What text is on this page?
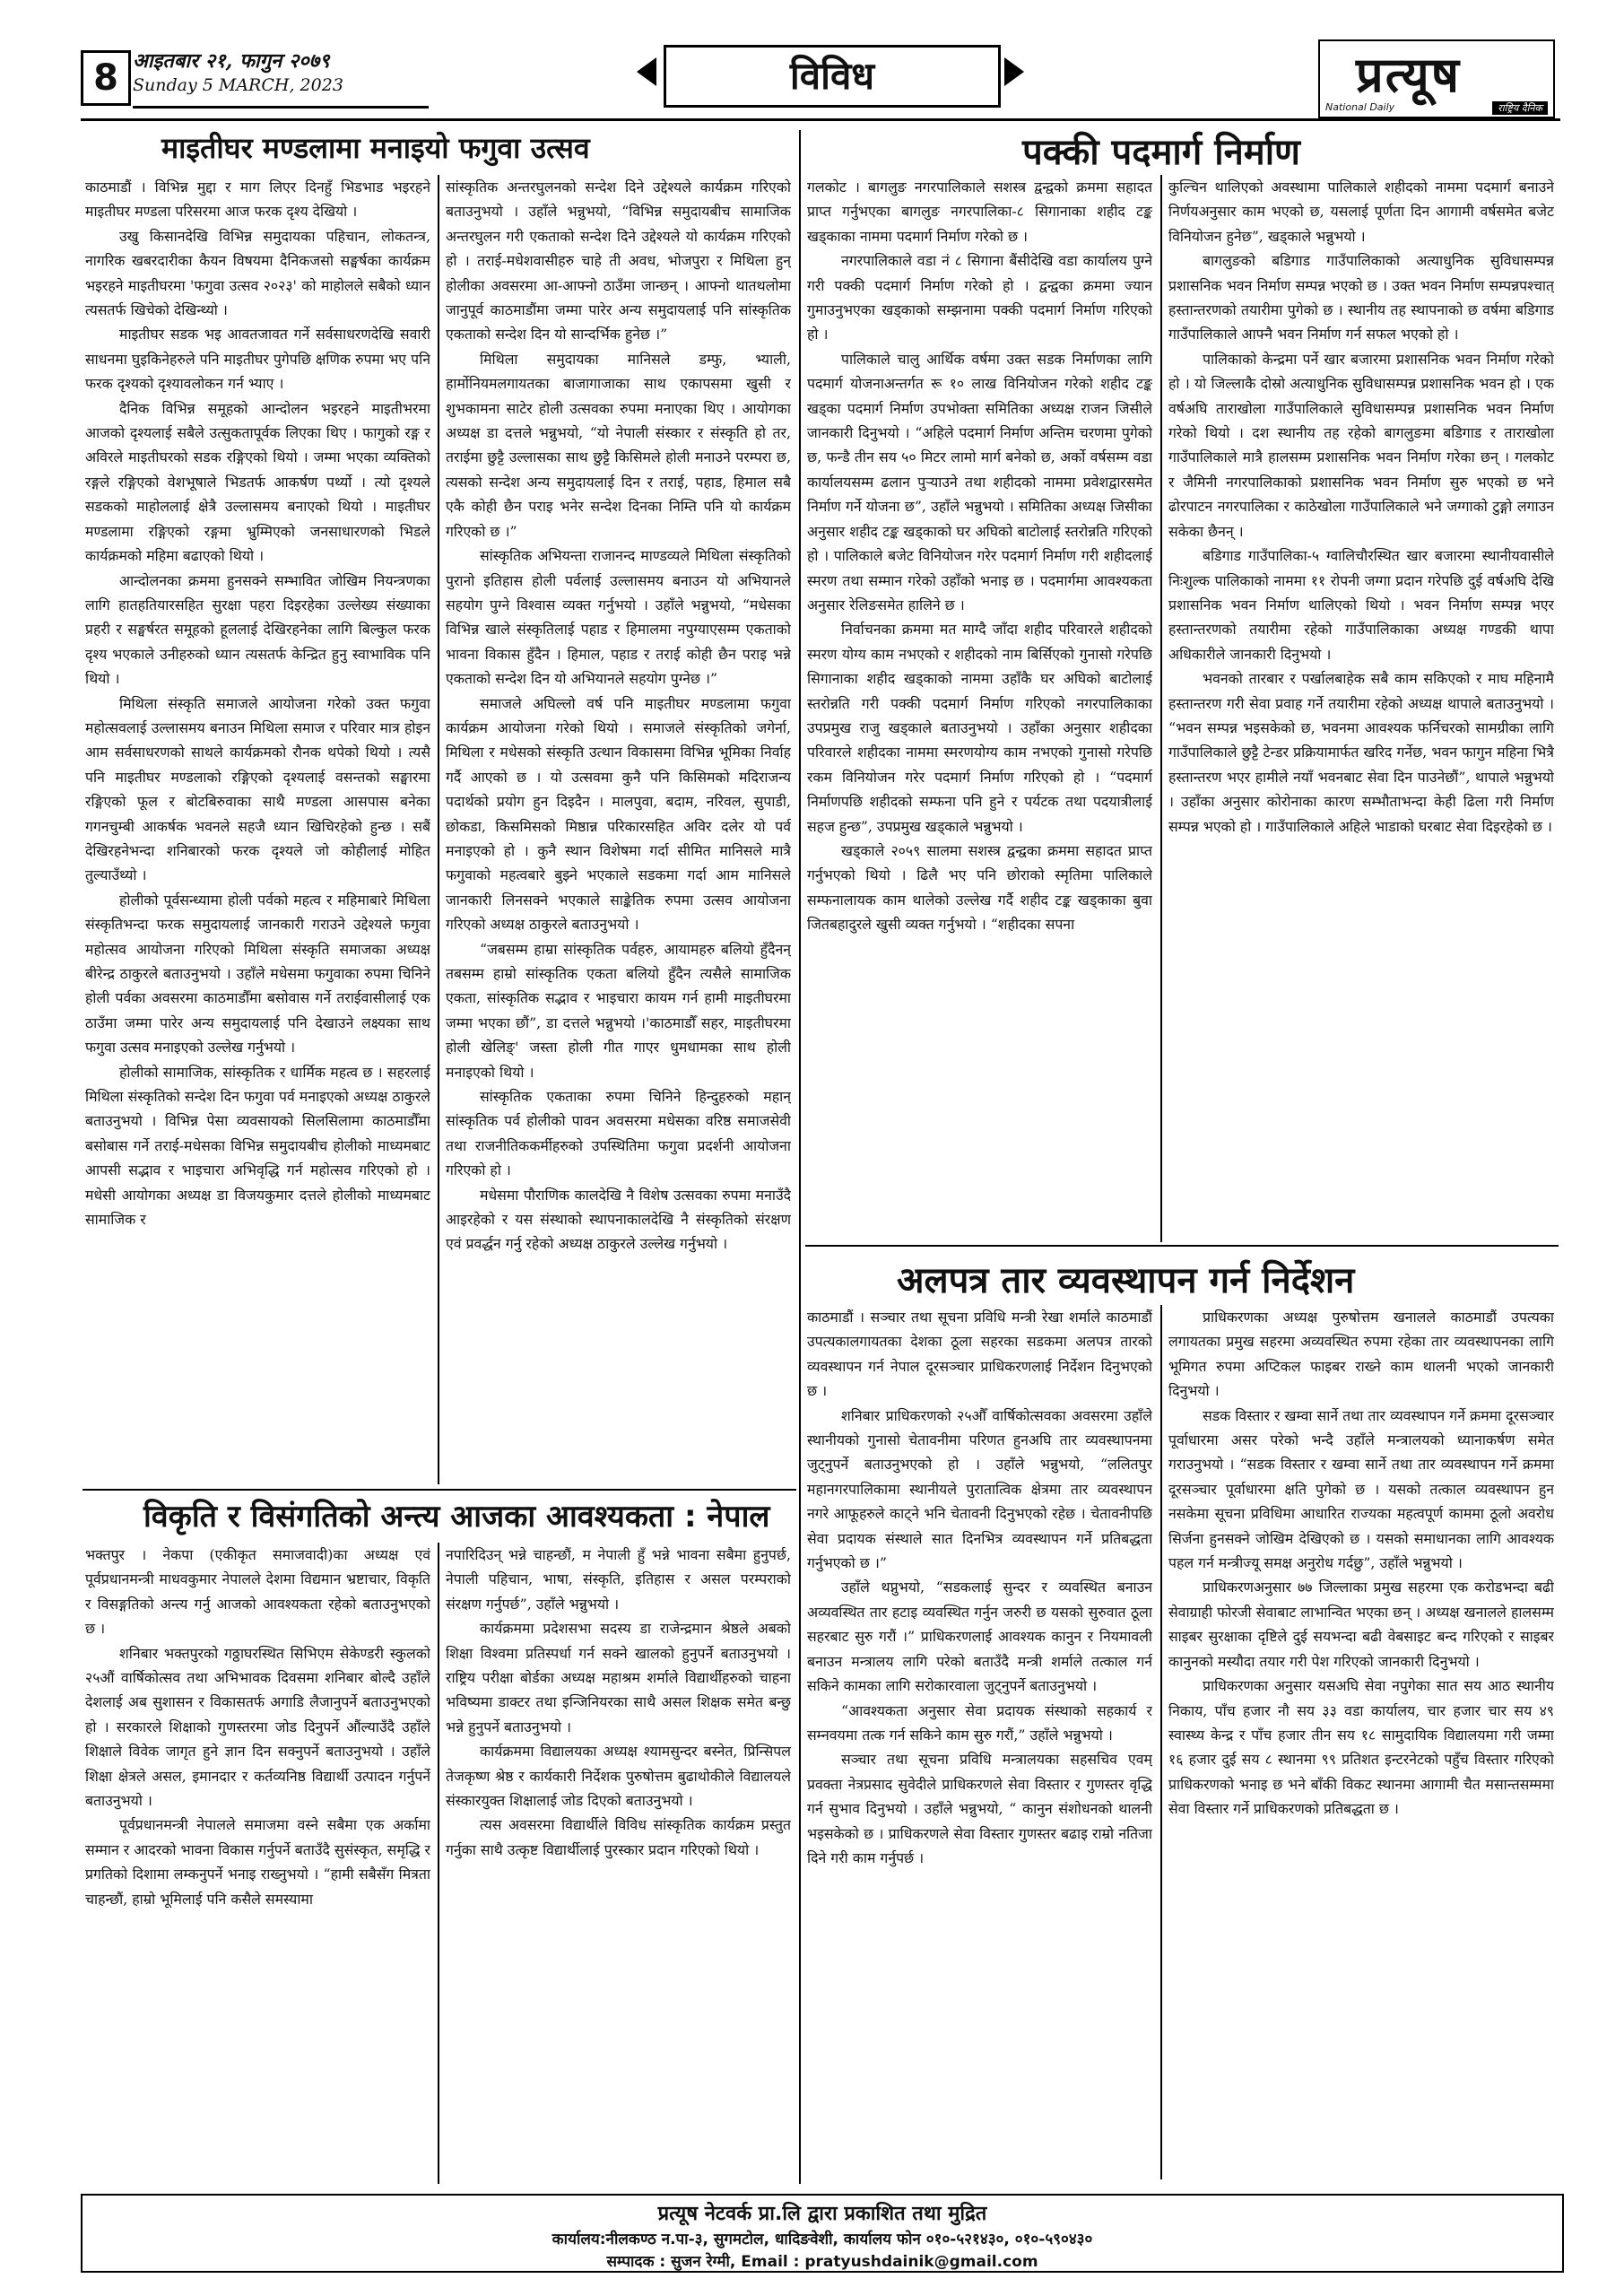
8 आइतबार २१, फागुन २०७९
Sunday 5 MARCH, 2023	विविध	प्रत्यूष
National Daily	राष्ट्रिय दैनिक
माइतीघर मण्डलामा मनाइयो फगुवा उत्सव

काठमाडौं । विभिन्न मुद्दा र माग लिएर दिनहुँ भिडभाड भइरहने माइतीघर मण्डला परिसरमा आज फरक दृश्य देखियो ।

उखु किसानदेखि विभिन्न समुदायका पहिचान, लोकतन्त्र, नागरिक खबरदारीका कैयन विषयमा दैनिकजसो सङ्घर्षका कार्यक्रम भइरहने माइतीघरमा 'फगुवा उत्सव २०२३' को माहोलले सबैको ध्यान त्यसतर्फ खिचेको देखिन्थ्यो ।

माइतीघर सडक भइ आवतजावत गर्ने सर्वसाधरणदेखि सवारी साधनमा घुइकिनेहरुले पनि माइतीघर पुगेपछि क्षणिक रुपमा भए पनि फरक दृश्यको दृश्यावलोकन गर्न भ्याए ।

दैनिक विभिन्न समूहको आन्दोलन भइरहने माइतीभरमा आजको दृश्यलाई सबैले उत्सुकतापूर्वक लिएका थिए । फागुको रङ्ग र अविरले माइतीघरको सडक रङ्गिएको थियो । जम्मा भएका व्यक्तिको रङ्गले रङ्गिएको वेशभूषाले भिडतर्फ आकर्षण पर्थ्यो । त्यो दृश्यले सडकको माहोललाई क्षेत्रै उल्लासमय बनाएको थियो । माइतीघर मण्डलामा रङ्गिएको रङ्गमा भ्रुम्मिएको जनसाधारणको भिडले कार्यक्रमको महिमा बढाएको थियो ।

आन्दोलनका क्रममा हुनसक्ने सम्भावित जोखिम नियन्त्रणका लागि हातहतियारसहित सुरक्षा पहरा दिइरहेका उल्लेख्य संख्याका प्रहरी र सङ्घर्षरत समूहको हूललाई देखिरहनेका लागि बिल्कुल फरक दृश्य भएकाले उनीहरुको ध्यान त्यसतर्फ केन्द्रित हुनु स्वाभाविक पनि थियो ।

मिथिला संस्कृति समाजले आयोजना गरेको उक्त फगुवा महोत्सवलाई उल्लासमय बनाउन मिथिला समाज र परिवार मात्र होइन आम सर्वसाधरणको साथले कार्यक्रमको रौनक थपेको थियो । त्यसै पनि माइतीघर मण्डलाको रङ्गिएको दृश्यलाई वसन्तको सङ्घारमा रङ्गिएको फूल र बोटबिरुवाका साथै मण्डला आसपास बनेका गगनचुम्बी आकर्षक भवनले सहजै ध्यान खिचिरहेको हुन्छ । सबैं देखिरहनेभन्दा शनिबारको फरक दृश्यले जो कोहीलाई मोहित तुल्याउँथ्यो ।

होलीको पूर्वसन्ध्यामा होली पर्वको महत्व र महिमाबारे मिथिला संस्कृतिभन्दा फरक समुदायलाई जानकारी गराउने उद्देश्यले फगुवा महोत्सव आयोजना गरिएको मिथिला संस्कृति समाजका अध्यक्ष बीरेन्द्र ठाकुरले बताउनुभयो । उहाँले मधेसमा फगुवाका रुपमा चिनिने होली पर्वका अवसरमा काठमाडौँमा बसोवास गर्ने तराईवासीलाई एक ठाउँमा जम्मा पारेर अन्य समुदायलाई पनि देखाउने लक्ष्यका साथ फगुवा उत्सव मनाइएको उल्लेख गर्नुभयो ।

होलीको सामाजिक, सांस्कृतिक र धार्मिक महत्व छ । सहरलाई मिथिला संस्कृतिको सन्देश दिन फगुवा पर्व मनाइएको अध्यक्ष ठाकुरले बताउनुभयो । विभिन्न पेसा व्यवसायको सिलसिलामा काठमाडौँमा बसोबास गर्ने तराई-मधेसका विभिन्न समुदायबीच होलीको माध्यमबाट आपसी सद्भाव र भाइचारा अभिवृद्धि गर्न महोत्सव गरिएको हो । मधेसी आयोगका अध्यक्ष डा विजयकुमार दत्तले होलीको माध्यमबाट सामाजिक र

सांस्कृतिक अन्तरघुलनको सन्देश दिने उद्देश्यले कार्यक्रम गरिएको बताउनुभयो । उहाँले भन्नुभयो, “विभिन्न समुदायबीच सामाजिक अन्तरघुलन गरी एकताको सन्देश दिने उद्देश्यले यो कार्यक्रम गरिएको हो । तराई-मधेशवासीहरु चाहे ती अवध, भोजपुरा र मिथिला हुन् होलीका अवसरमा आ-आफ्नो ठाउँमा जान्छन् । आफ्नो थातथलोमा जानुपूर्व काठमाडौंमा जम्मा पारेर अन्य समुदायलाई पनि सांस्कृतिक एकताको सन्देश दिन यो सान्दर्भिक हुनेछ ।”

मिथिला समुदायका मानिसले डम्फु, भ्याली, हार्मोनियमलगायतका बाजागाजाका साथ एकापसमा खुसी र शुभकामना साटेर होली उत्सवका रुपमा मनाएका थिए । आयोगका अध्यक्ष डा दत्तले भन्नुभयो, “यो नेपाली संस्कार र संस्कृति हो तर, तराईमा छुट्टै उल्लासका साथ छुट्टै किसिमले होली मनाउने परम्परा छ, त्यसको सन्देश अन्य समुदायलाई दिन र तराई, पहाड, हिमाल सबै एकै कोही छैन पराइ भनेर सन्देश दिनका निम्ति पनि यो कार्यक्रम गरिएको छ ।”

सांस्कृतिक अभियन्ता राजानन्द माण्डव्यले मिथिला संस्कृतिको पुरानो इतिहास होली पर्वलाई उल्लासमय बनाउन यो अभियानले सहयोग पुग्ने विश्वास व्यक्त गर्नुभयो । उहाँले भन्नुभयो, “मधेसका विभिन्न खाले संस्कृतिलाई पहाड र हिमालमा नपुग्याएसम्म एकताको भावना विकास हुँदैन । हिमाल, पहाड र तराई कोही छैन पराइ भन्ने एकताको सन्देश दिन यो अभियानले सहयोग पुग्नेछ ।”

समाजले अघिल्लो वर्ष पनि माइतीघर मण्डलामा फगुवा कार्यक्रम आयोजना गरेको थियो । समाजले संस्कृतिको जगेर्ना, मिथिला र मधेसको संस्कृति उत्थान विकासमा विभिन्न भूमिका निर्वाह गर्दै आएको छ । यो उत्सवमा कुनै पनि किसिमको मदिराजन्य पदार्थको प्रयोग हुन दिइदैन । मालपुवा, बदाम, नरिवल, सुपाडी, छोकडा, किसमिसको मिष्ठान्न परिकारसहित अविर दलेर यो पर्व मनाइएको हो । कुनै स्थान विशेषमा गर्दा सीमित मानिसले मात्रै फगुवाको महत्वबारे बुझ्ने भएकाले सडकमा गर्दा आम मानिसले जानकारी लिनसक्ने भएकाले साङ्केतिक रुपमा उत्सव आयोजना गरिएको अध्यक्ष ठाकुरले बताउनुभयो ।

“जबसम्म हाम्रा सांस्कृतिक पर्वहरु, आयामहरु बलियो हुँदैनन् तबसम्म हाम्रो सांस्कृतिक एकता बलियो हुँदैन त्यसैले सामाजिक एकता, सांस्कृतिक सद्भाव र भाइचारा कायम गर्न हामी माइतीघरमा जम्मा भएका छौं”, डा दत्तले भन्नुभयो ।'काठमाडौँ सहर, माइतीघरमा होली खेलिङ्' जस्ता होली गीत गाएर धुमधामका साथ होली मनाइएको थियो ।

सांस्कृतिक एकताका रुपमा चिनिने हिन्दुहरुको महान् सांस्कृतिक पर्व होलीको पावन अवसरमा मधेसका वरिष्ठ समाजसेवी तथा राजनीतिककर्मीहरुको उपस्थितिमा फगुवा प्रदर्शनी आयोजना गरिएको हो ।

मधेसमा पौराणिक कालदेखि नै विशेष उत्सवका रुपमा मनाउँदै आइरहेको र यस संस्थाको स्थापनाकालदेखि नै संस्कृतिको संरक्षण एवं प्रवर्द्धन गर्नु रहेको अध्यक्ष ठाकुरले उल्लेख गर्नुभयो ।

पक्की पदमार्ग निर्माण

गलकोट । बागलुङ नगरपालिकाले सशस्त्र द्वन्द्वको क्रममा सहादत प्राप्त गर्नुभएका बागलुङ नगरपालिका-८ सिगानाका शहीद टङ्क खड्काका नाममा पदमार्ग निर्माण गरेको छ ।

नगरपालिकाले वडा नं ८ सिगाना बैंसीदेखि वडा कार्यालय पुग्ने गरी पक्की पदमार्ग निर्माण गरेको हो । द्वन्द्वका क्रममा ज्यान गुमाउनुभएका खड्काको सम्झनामा पक्की पदमार्ग निर्माण गरिएको हो ।

पालिकाले चालु आर्थिक वर्षमा उक्त सडक निर्माणका लागि पदमार्ग योजनाअन्तर्गत रू १० लाख विनियोजन गरेको शहीद टङ्क खड्का पदमार्ग निर्माण उपभोक्ता समितिका अध्यक्ष राजन जिसीले जानकारी दिनुभयो । “अहिले पदमार्ग निर्माण अन्तिम चरणमा पुगेको छ, फन्डै तीन सय ५० मिटर लामो मार्ग बनेको छ, अर्को वर्षसम्म वडा कार्यालयसम्म ढलान पुऱ्याउने तथा शहीदको नाममा प्रवेशद्वारसमेत निर्माण गर्ने योजना छ”, उहाँले भन्नुभयो । समितिका अध्यक्ष जिसीका अनुसार शहीद टङ्क खड्काको घर अघिको बाटोलाई स्तरोन्नति गरिएको हो । पालिकाले बजेट विनियोजन गरेर पदमार्ग निर्माण गरी शहीदलाई स्मरण तथा सम्मान गरेको उहाँको भनाइ छ । पदमार्गमा आवश्यकता अनुसार रेलिङसमेत हालिने छ ।

निर्वाचनका क्रममा मत माग्दै जाँदा शहीद परिवारले शहीदको स्मरण योग्य काम नभएको र शहीदको नाम बिर्सिएको गुनासो गरेपछि सिगानाका शहीद खड्काको नाममा उहाँकै घर अघिको बाटोलाई स्तरोन्नति गरी पक्की पदमार्ग निर्माण गरिएको नगरपालिकाका उपप्रमुख राजु खड्काले बताउनुभयो । उहाँका अनुसार शहीदका परिवारले शहीदका नाममा स्मरणयोग्य काम नभएको गुनासो गरेपछि रकम विनियोजन गरेर पदमार्ग निर्माण गरिएको हो । “पदमार्ग निर्माणपछि शहीदको सम्फना पनि हुने र पर्यटक तथा पदयात्रीलाई सहज हुन्छ”, उपप्रमुख खड्काले भन्नुभयो ।

खड्काले २०५९ सालमा सशस्त्र द्वन्द्वका क्रममा सहादत प्राप्त गर्नुभएको थियो । ढिलै भए पनि छोराको स्मृतिमा पालिकाले सम्फनालायक काम थालेको उल्लेख गर्दै शहीद टङ्क खड्काका बुवा जितबहादुरले खुसी व्यक्त गर्नुभयो । “शहीदका सपना

कुल्चिन थालिएको अवस्थामा पालिकाले शहीदको नाममा पदमार्ग बनाउने निर्णयअनुसार काम भएको छ, यसलाई पूर्णता दिन आगामी वर्षसमेत बजेट विनियोजन हुनेछ”, खड्काले भन्नुभयो ।

बागलुङको बडिगाड गाउँपालिकाको अत्याधुनिक सुविधासम्पन्न प्रशासनिक भवन निर्माण सम्पन्न भएको छ । उक्त भवन निर्माण सम्पन्नपश्चात् हस्तान्तरणको तयारीमा पुगेको छ । स्थानीय तह स्थापनाको छ वर्षमा बडिगाड गाउँपालिकाले आफ्नै भवन निर्माण गर्न सफल भएको हो ।

पालिकाको केन्द्रमा पर्ने खार बजारमा प्रशासनिक भवन निर्माण गरेको हो । यो जिल्लाकै दोस्रो अत्याधुनिक सुविधासम्पन्न प्रशासनिक भवन हो । एक वर्षअघि ताराखोला गाउँपालिकाले सुविधासम्पन्न प्रशासनिक भवन निर्माण गरेको थियो । दश स्थानीय तह रहेको बागलुङमा बडिगाड र ताराखोला गाउँपालिकाले मात्रै हालसम्म प्रशासनिक भवन निर्माण गरेका छन् । गलकोट र जैमिनी नगरपालिकाको प्रशासनिक भवन निर्माण सुरु भएको छ भने ढोरपाटन नगरपालिका र काठेखोला गाउँपालिकाले भने जग्गाको टुङ्गो लगाउन सकेका छैनन् ।

बडिगाड गाउँपालिका-५ ग्वालिचौरस्थित खार बजारमा स्थानीयवासीले निःशुल्क पालिकाको नाममा ११ रोपनी जग्गा प्रदान गरेपछि दुई वर्षअघि देखि प्रशासनिक भवन निर्माण थालिएको थियो । भवन निर्माण सम्पन्न भएर हस्तान्तरणको तयारीमा रहेको गाउँपालिकाका अध्यक्ष गण्डकी थापा अधिकारीले जानकारी दिनुभयो ।

भवनको तारबार र पर्खालबाहेक सबै काम सकिएको र माघ महिनामै हस्तान्तरण गरी सेवा प्रवाह गर्ने तयारीमा रहेको अध्यक्ष थापाले बताउनुभयो । “भवन सम्पन्न भइसकेको छ, भवनमा आवश्यक फर्निचरको सामग्रीका लागि गाउँपालिकाले छुट्टै टेन्डर प्रक्रियामार्फत खरिद गर्नेछ, भवन फागुन महिना भित्रै हस्तान्तरण भएर हामीले नयाँ भवनबाट सेवा दिन पाउनेछौं”, थापाले भन्नुभयो । उहाँका अनुसार कोरोनाका कारण सम्भौताभन्दा केही ढिला गरी निर्माण सम्पन्न भएको हो । गाउँपालिकाले अहिले भाडाको घरबाट सेवा दिइरहेको छ ।

अलपत्र तार व्यवस्थापन गर्न निर्देशन

काठमाडौं । सञ्चार तथा सूचना प्रविधि मन्त्री रेखा शर्माले काठमाडौं उपत्यकालगायतका देशका ठूला सहरका सडकमा अलपत्र तारको व्यवस्थापन गर्न नेपाल दूरसञ्चार प्राधिकरणलाई निर्देशन दिनुभएको छ ।

शनिबार प्राधिकरणको २५औँ वार्षिकोत्सवका अवसरमा उहाँले स्थानीयको गुनासो चेतावनीमा परिणत हुनअघि तार व्यवस्थापनमा जुट्नुपर्ने बताउनुभएको हो । उहाँले भन्नुभयो, “ललितपुर महानगरपालिकामा स्थानीयले पुरातात्विक क्षेत्रमा तार व्यवस्थापन नगरे आफूहरुले काट्ने भनि चेतावनी दिनुभएको रहेछ । चेतावनीपछि सेवा प्रदायक संस्थाले सात दिनभित्र व्यवस्थापन गर्ने प्रतिबद्धता गर्नुभएको छ ।”

उहाँले थप्नुभयो, “सडकलाई सुन्दर र व्यवस्थित बनाउन अव्यवस्थित तार हटाइ व्यवस्थित गर्नुन जरुरी छ यसको सुरुवात ठूला सहरबाट सुरु गरौं ।” प्राधिकरणलाई आवश्यक कानुन र नियमावली बनाउन मन्त्रालय लागि परेको बताउँदै मन्त्री शर्माले तत्काल गर्न सकिने कामका लागि सरोकारवाला जुट्नुपर्ने बताउनुभयो ।

“आवश्यकता अनुसार सेवा प्रदायक संस्थाको सहकार्य र सम्नवयमा तत्क गर्न सकिने काम सुरु गरौं,” उहाँले भन्नुभयो ।

सञ्चार तथा सूचना प्रविधि मन्त्रालयका सहसचिव एवम् प्रवक्ता नेत्रप्रसाद सुवेदीले प्राधिकरणले सेवा विस्तार र गुणस्तर वृद्धि गर्न सुभाव दिनुभयो । उहाँले भन्नुभयो, “ कानुन संशोधनको थालनी भइसकेको छ । प्राधिकरणले सेवा विस्तार गुणस्तर बढाइ राम्रो नतिजा दिने गरी काम गर्नुपर्छ ।

प्राधिकरणका अध्यक्ष पुरुषोत्तम खनालले काठमाडौं उपत्यका लगायतका प्रमुख सहरमा अव्यवस्थित रुपमा रहेका तार व्यवस्थापनका लागि भूमिगत रुपमा अप्टिकल फाइबर राख्ने काम थालनी भएको जानकारी दिनुभयो ।

सडक विस्तार र खम्वा सार्ने तथा तार व्यवस्थापन गर्ने क्रममा दूरसञ्चार पूर्वाधारमा असर परेको भन्दै उहाँले मन्त्रालयको ध्यानाकर्षण समेत गराउनुभयो । “सडक विस्तार र खम्वा सार्ने तथा तार व्यवस्थापन गर्ने क्रममा दूरसञ्चार पूर्वाधारमा क्षति पुगेको छ । यसको तत्काल व्यवस्थापन हुन नसकेमा सूचना प्रविधिमा आधारित राज्यका महत्वपूर्ण काममा ठूलो अवरोध सिर्जना हुनसक्ने जोखिम देखिएको छ । यसको समाधानका लागि आवश्यक पहल गर्न मन्त्रीज्यू समक्ष अनुरोध गर्दछु”, उहाँले भन्नुभयो ।

प्राधिकरणअनुसार ७७ जिल्लाका प्रमुख सहरमा एक करोडभन्दा बढी सेवाग्राही फोरजी सेवाबाट लाभान्वित भएका छन् । अध्यक्ष खनालले हालसम्म साइबर सुरक्षाका दृष्टिले दुई सयभन्दा बढी वेबसाइट बन्द गरिएको र साइबर कानुनको मस्यौदा तयार गरी पेश गरिएको जानकारी दिनुभयो ।

प्राधिकरणका अनुसार यसअघि सेवा नपुगेका सात सय आठ स्थानीय निकाय, पाँच हजार नौ सय ३३ वडा कार्यालय, चार हजार चार सय ४९ स्वास्थ्य केन्द्र र पाँच हजार तीन सय १८ सामुदायिक विद्यालयमा गरी जम्मा १६ हजार दुई सय ८ स्थानमा ९९ प्रतिशत इन्टरनेटको पहुँच विस्तार गरिएको प्राधिकरणको भनाइ छ भने बाँकी विकट स्थानमा आगामी चैत मसान्तसम्ममा सेवा विस्तार गर्ने प्राधिकरणको प्रतिबद्धता छ ।

विकृति र विसंगतिको अन्त्य आजका आवश्यकता : नेपाल

भक्तपुर । नेकपा (एकीकृत समाजवादी)का अध्यक्ष एवं पूर्वप्रधानमन्त्री माधवकुमार नेपालले देशमा विद्यमान भ्रष्टाचार, विकृति र विसङ्गतिको अन्त्य गर्नु आजको आवश्यकता रहेको बताउनुभएको छ ।

शनिबार भक्तपुरको गठ्ठाघरस्थित सिभिएम सेकेण्डरी स्कुलको २५औं वार्षिकोत्सव तथा अभिभावक दिवसमा शनिबार बोल्दै उहाँले देशलाई अब सुशासन र विकासतर्फ अगाडि लैजानुपर्ने बताउनुभएको हो । सरकारले शिक्षाको गुणस्तरमा जोड दिनुपर्ने औंल्याउँदै उहाँले शिक्षाले विवेक जागृत हुने ज्ञान दिन सक्नुपर्ने बताउनुभयो । उहाँले शिक्षा क्षेत्रले असल, इमानदार र कर्तव्यनिष्ठ विद्यार्थी उत्पादन गर्नुपर्ने बताउनुभयो ।

पूर्वप्रधानमन्त्री नेपालले समाजमा वस्ने सबैमा एक अर्कामा सम्मान र आदरको भावना विकास गर्नुपर्ने बताउँदै सुसंस्कृत, समृद्धि र प्रगतिको दिशामा लम्कनुपर्ने भनाइ राख्नुभयो । “हामी सबैसँग मित्रता चाहन्छौं, हाम्रो भूमिलाई पनि कसैले समस्यामा

नपारिदिउन् भन्ने चाहन्छौं, म नेपाली हुँ भन्ने भावना सबैमा हुनुपर्छ, नेपाली पहिचान, भाषा, संस्कृति, इतिहास र असल परम्पराको संरक्षण गर्नुपर्छ”, उहाँले भन्नुभयो ।

कार्यक्रममा प्रदेशसभा सदस्य डा राजेन्द्रमान श्रेष्ठले अबको शिक्षा विश्वमा प्रतिस्पर्धा गर्न सक्ने खालको हुनुपर्ने बताउनुभयो । राष्ट्रिय परीक्षा बोर्डका अध्यक्ष महाश्रम शर्माले विद्यार्थीहरुको चाहना भविष्यमा डाक्टर तथा इन्जिनियरका साथै असल शिक्षक समेत बन्छु भन्ने हुनुपर्ने बताउनुभयो ।

कार्यक्रममा विद्यालयका अध्यक्ष श्यामसुन्दर बस्नेत, प्रिन्सिपल तेजकृष्ण श्रेष्ठ र कार्यकारी निर्देशक पुरुषोत्तम बुढाथोकीले विद्यालयले संस्कारयुक्त शिक्षालाई जोड दिएको बताउनुभयो ।

त्यस अवसरमा विद्यार्थीले विविध सांस्कृतिक कार्यक्रम प्रस्तुत गर्नुका साथै उत्कृष्ट विद्यार्थीलाई पुरस्कार प्रदान गरिएको थियो ।

प्रत्यूष नेटवर्क प्रा.लि द्वारा प्रकाशित तथा मुद्रित
कार्यालय:नीलकण्ठ न.पा-३, सुगमटोल, धादिङवेशी, कार्यालय फोन ०१०-५२१४३०, ०१०-५९०४३०
सम्पादक : सुजन रेग्मी, Email : pratyushdainik@gmail.com
